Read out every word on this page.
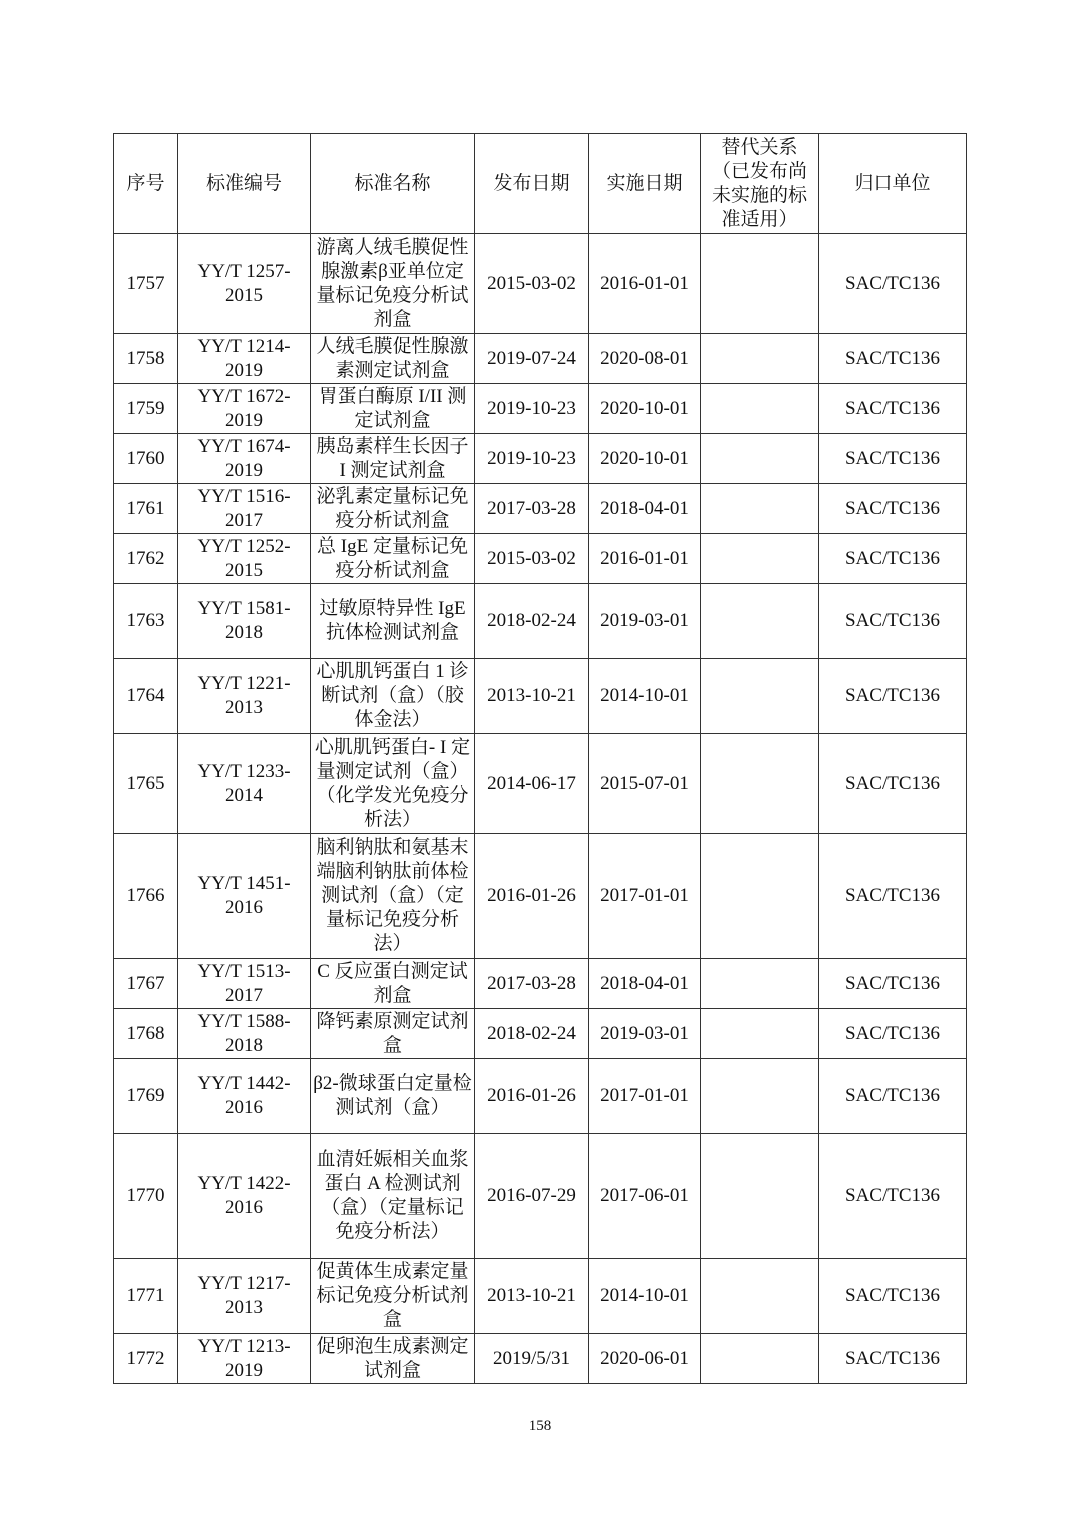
序号	标准编号	标准名称	发布日期	实施日期	替代关系（已发布尚未实施的标准适用）	归口单位
1757	YY/T 1257-2015	游离人绒毛膜促性腺激素β亚单位定量标记免疫分析试剂盒	2015-03-02	2016-01-01		SAC/TC136
1758	YY/T 1214-2019	人绒毛膜促性腺激素测定试剂盒	2019-07-24	2020-08-01		SAC/TC136
1759	YY/T 1672-2019	胃蛋白酶原 I/II 测定试剂盒	2019-10-23	2020-10-01		SAC/TC136
1760	YY/T 1674-2019	胰岛素样生长因子 I 测定试剂盒	2019-10-23	2020-10-01		SAC/TC136
1761	YY/T 1516-2017	泌乳素定量标记免疫分析试剂盒	2017-03-28	2018-04-01		SAC/TC136
1762	YY/T 1252-2015	总 IgE 定量标记免疫分析试剂盒	2015-03-02	2016-01-01		SAC/TC136
1763	YY/T 1581-2018	过敏原特异性 IgE 抗体检测试剂盒	2018-02-24	2019-03-01		SAC/TC136
1764	YY/T 1221-2013	心肌肌钙蛋白 1 诊断试剂（盒）（胶体金法）	2013-10-21	2014-10-01		SAC/TC136
1765	YY/T 1233-2014	心肌肌钙蛋白- I 定量测定试剂（盒）（化学发光免疫分析法）	2014-06-17	2015-07-01		SAC/TC136
1766	YY/T 1451-2016	脑利钠肽和氨基末端脑利钠肽前体检测试剂（盒）（定量标记免疫分析法）	2016-01-26	2017-01-01		SAC/TC136
1767	YY/T 1513-2017	C 反应蛋白测定试剂盒	2017-03-28	2018-04-01		SAC/TC136
1768	YY/T 1588-2018	降钙素原测定试剂盒	2018-02-24	2019-03-01		SAC/TC136
1769	YY/T 1442-2016	β2-微球蛋白定量检测试剂（盒）	2016-01-26	2017-01-01		SAC/TC136
1770	YY/T 1422-2016	血清妊娠相关血浆蛋白 A 检测试剂（盒）（定量标记免疫分析法）	2016-07-29	2017-06-01		SAC/TC136
1771	YY/T 1217-2013	促黄体生成素定量标记免疫分析试剂盒	2013-10-21	2014-10-01		SAC/TC136
1772	YY/T 1213-2019	促卵泡生成素测定试剂盒	2019/5/31	2020-06-01		SAC/TC136
158
